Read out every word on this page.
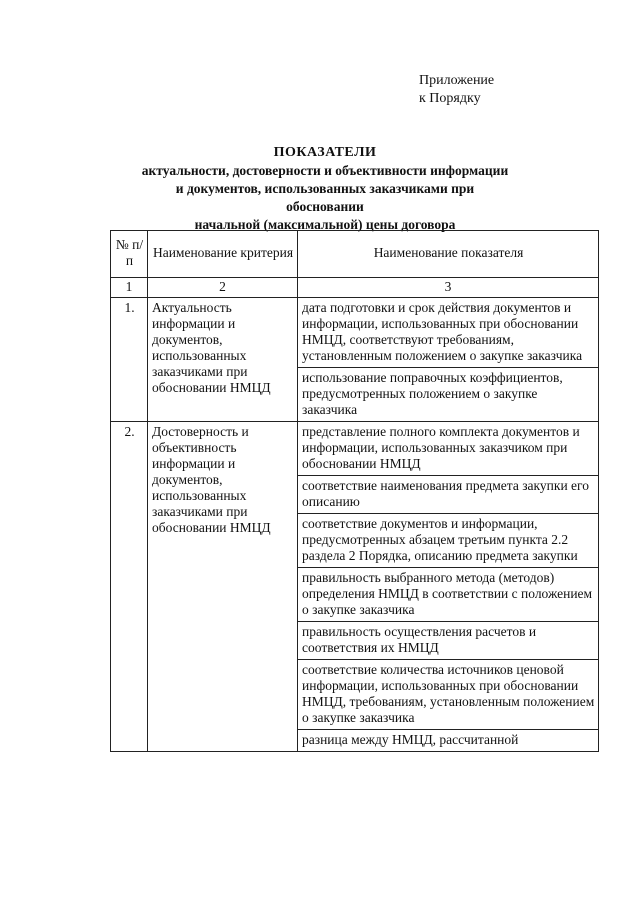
Приложение
к Порядку
ПОКАЗАТЕЛИ
актуальности, достоверности и объективности информации
и документов, использованных заказчиками при обосновании
начальной (максимальной) цены договора
№ п/п	Наименование критерия	Наименование показателя
1	2	3
1.	Актуальность информации и документов, использованных заказчиками при обосновании НМЦД	дата подготовки и срок действия документов и информации, использованных при обосновании НМЦД, соответствуют требованиям, установленным положением о закупке заказчика
		использование поправочных коэффициентов, предусмотренных положением о закупке заказчика
2.	Достоверность и объективность информации и документов, использованных заказчиками при обосновании НМЦД	представление полного комплекта документов и информации, использованных заказчиком при обосновании НМЦД
		соответствие наименования предмета закупки его описанию
		соответствие документов и информации, предусмотренных абзацем третьим пункта 2.2 раздела 2 Порядка, описанию предмета закупки
		правильность выбранного метода (методов) определения НМЦД в соответствии с положением о закупке заказчика
		правильность осуществления расчетов и соответствия их НМЦД
		соответствие количества источников ценовой информации, использованных при обосновании НМЦД, требованиям, установленным положением о закупке заказчика
		разница между НМЦД, рассчитанной
